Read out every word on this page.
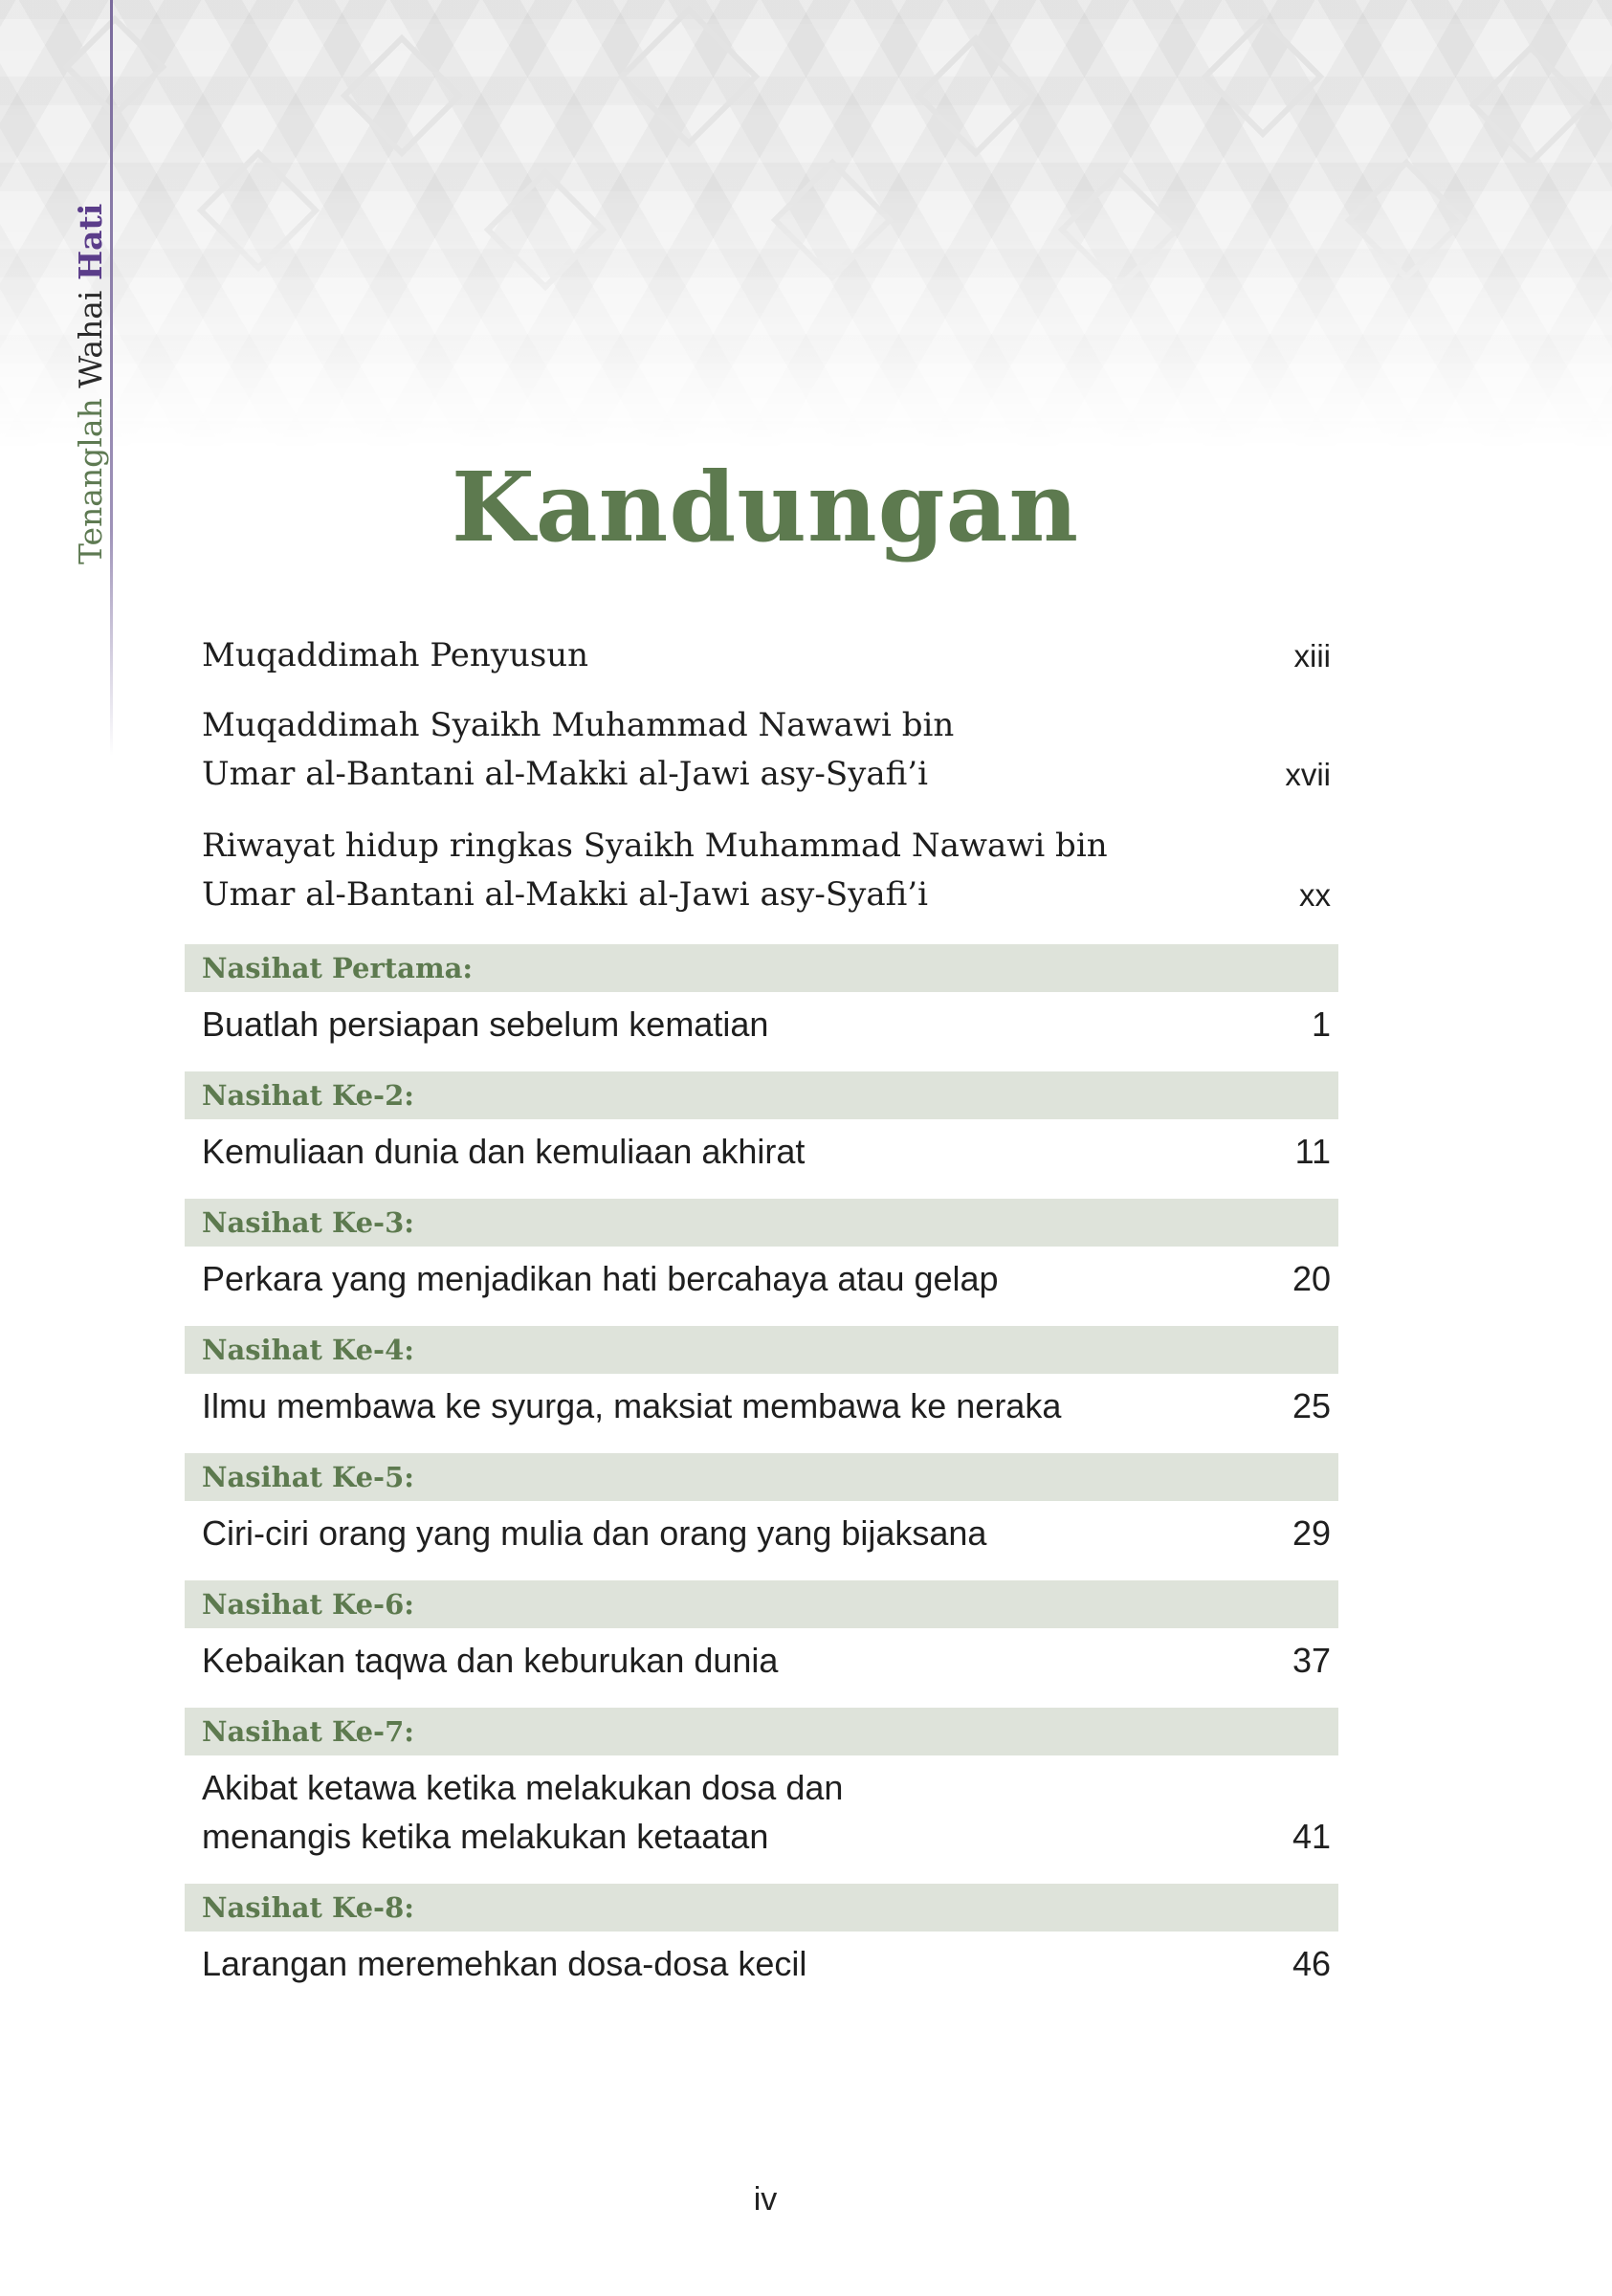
Tenanglah Wahai Hati
Kandungan
Muqaddimah Penyusun	xiii
Muqaddimah Syaikh Muhammad Nawawi bin
Umar al-Bantani al-Makki al-Jawi asy-Syafi’i	xvii
Riwayat hidup ringkas Syaikh Muhammad Nawawi bin
Umar al-Bantani al-Makki al-Jawi asy-Syafi’i	xx
Nasihat Pertama:
Buatlah persiapan sebelum kematian	1
Nasihat Ke-2:
Kemuliaan dunia dan kemuliaan akhirat	11
Nasihat Ke-3:
Perkara yang menjadikan hati bercahaya atau gelap	20
Nasihat Ke-4:
Ilmu membawa ke syurga, maksiat membawa ke neraka	25
Nasihat Ke-5:
Ciri-ciri orang yang mulia dan orang yang bijaksana	29
Nasihat Ke-6:
Kebaikan taqwa dan keburukan dunia	37
Nasihat Ke-7:
Akibat ketawa ketika melakukan dosa dan
menangis ketika melakukan ketaatan	41
Nasihat Ke-8:
Larangan meremehkan dosa-dosa kecil	46
iv
